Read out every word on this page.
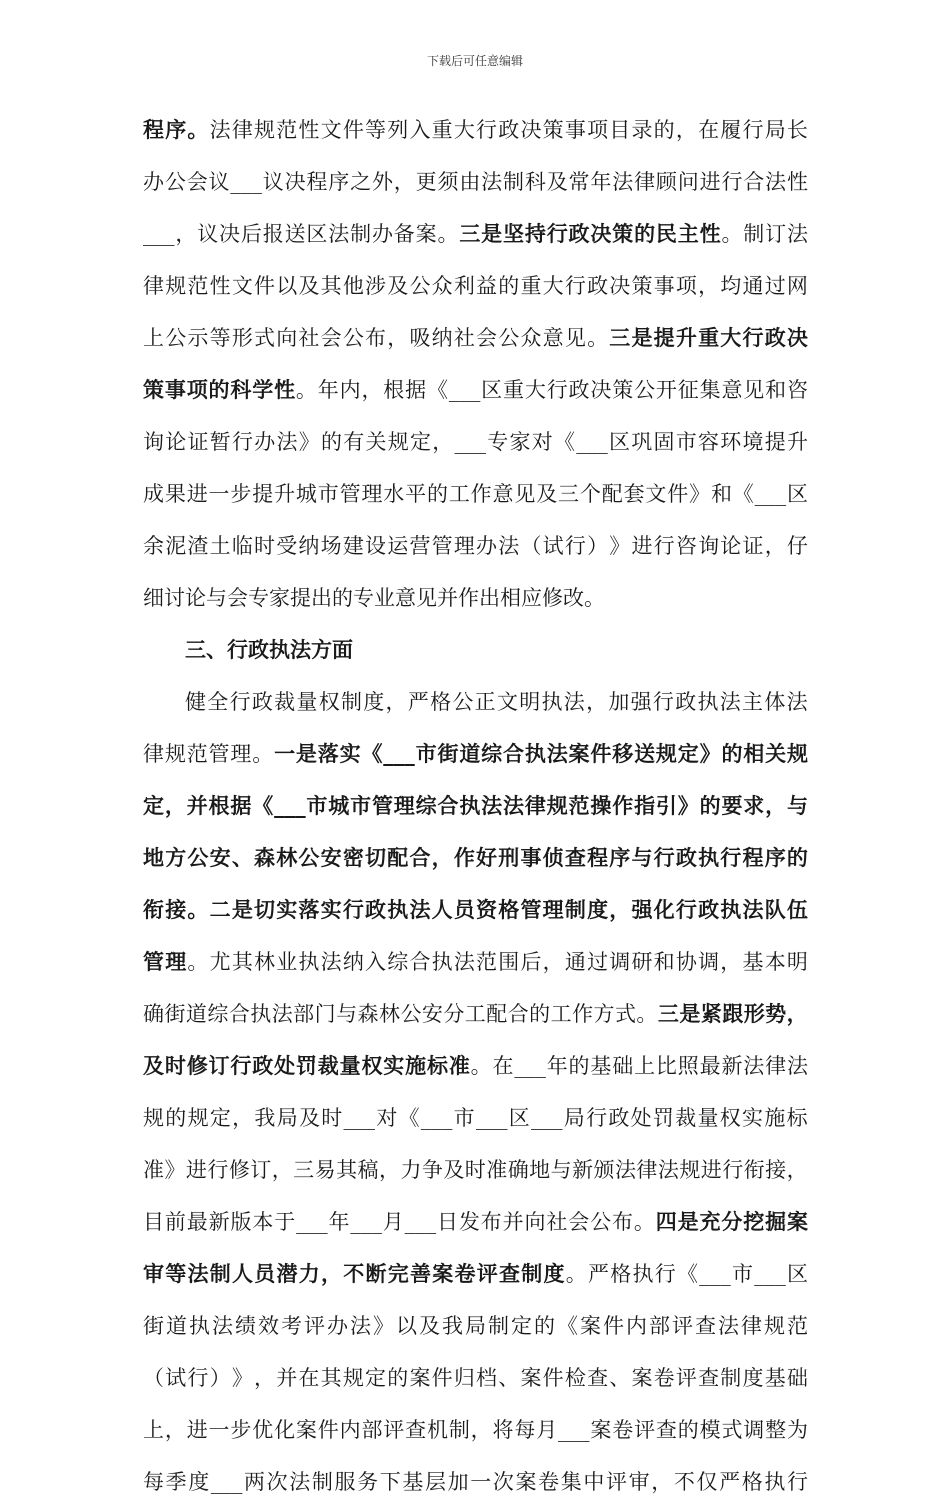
下载后可任意编辑
程 序 。 法 律 规 范 性 文 件 等 列 入 重 大 行 政 决 策 事 项 目 录 的 ， 在 履 行 局 长
办 公 会 议 ___ 议 决 程 序 之 外 ， 更 须 由 法 制 科 及 常 年 法 律 顾 问 进 行 合 法 性
___ ， 议 决 后 报 送 区 法 制 办 备 案 。 三 是 坚 持 行 政 决 策 的 民 主 性 。 制 订 法
律 规 范 性 文 件 以 及 其 他 涉 及 公 众 利 益 的 重 大 行 政 决 策 事 项 ， 均 通 过 网
上 公 示 等 形 式 向 社 会 公 布 ， 吸 纳 社 会 公 众 意 见 。 三 是 提 升 重 大 行 政 决
策 事 项 的 科 学 性 。 年 内 ， 根 据 《 ___ 区 重 大 行 政 决 策 公 开 征 集 意 见 和 咨
询 论 证 暂 行 办 法 》 的 有 关 规 定 ， ___ 专 家 对 《 ___ 区 巩 固 市 容 环 境 提 升
成 果 进 一 步 提 升 城 市 管 理 水 平 的 工 作 意 见 及 三 个 配 套 文 件 》 和 《 ___ 区
余 泥 渣 土 临 时 受 纳 场 建 设 运 营 管 理 办 法 （ 试 行 ） 》 进 行 咨 询 论 证 ， 仔
细 讨 论 与 会 专 家 提 出 的 专 业 意 见 并 作 出 相 应 修 改 。
三 、 行 政 执 法 方 面
健 全 行 政 裁 量 权 制 度 ， 严 格 公 正 文 明 执 法 ， 加 强 行 政 执 法 主 体 法
律 规 范 管 理 。 一 是 落 实 《 ___ 市 街 道 综 合 执 法 案 件 移 送 规 定 》 的 相 关 规
定 ， 并 根 据 《 ___ 市 城 市 管 理 综 合 执 法 法 律 规 范 操 作 指 引 》 的 要 求 ， 与
地 方 公 安 、 森 林 公 安 密 切 配 合 ， 作 好 刑 事 侦 查 程 序 与 行 政 执 行 程 序 的
衔 接 。 二 是 切 实 落 实 行 政 执 法 人 员 资 格 管 理 制 度 ， 强 化 行 政 执 法 队 伍
管 理 。 尤 其 林 业 执 法 纳 入 综 合 执 法 范 围 后 ， 通 过 调 研 和 协 调 ， 基 本 明
确 街 道 综 合 执 法 部 门 与 森 林 公 安 分 工 配 合 的 工 作 方 式 。 三 是 紧 跟 形 势 ，
及 时 修 订 行 政 处 罚 裁 量 权 实 施 标 准 。 在 ___ 年 的 基 础 上 比 照 最 新 法 律 法
规 的 规 定 ， 我 局 及 时 ___ 对 《 ___ 市 ___ 区 ___ 局 行 政 处 罚 裁 量 权 实 施 标
准 》 进 行 修 订 ， 三 易 其 稿 ， 力 争 及 时 准 确 地 与 新 颁 法 律 法 规 进 行 衔 接 ，
目 前 最 新 版 本 于 ___ 年 ___ 月 ___ 日 发 布 并 向 社 会 公 布 。 四 是 充 分 挖 掘 案
审 等 法 制 人 员 潜 力 ， 不 断 完 善 案 卷 评 查 制 度 。 严 格 执 行 《 ___ 市 ___ 区
街 道 执 法 绩 效 考 评 办 法 》 以 及 我 局 制 定 的 《 案 件 内 部 评 查 法 律 规 范
（ 试 行 ） 》 ， 并 在 其 规 定 的 案 件 归 档 、 案 件 检 查 、 案 卷 评 查 制 度 基 础
上 ， 进 一 步 优 化 案 件 内 部 评 查 机 制 ， 将 每 月 ___ 案 卷 评 查 的 模 式 调 整 为
每 季 度 ___ 两 次 法 制 服 务 下 基 层 加 一 次 案 卷 集 中 评 审 ， 不 仅 严 格 执 行
